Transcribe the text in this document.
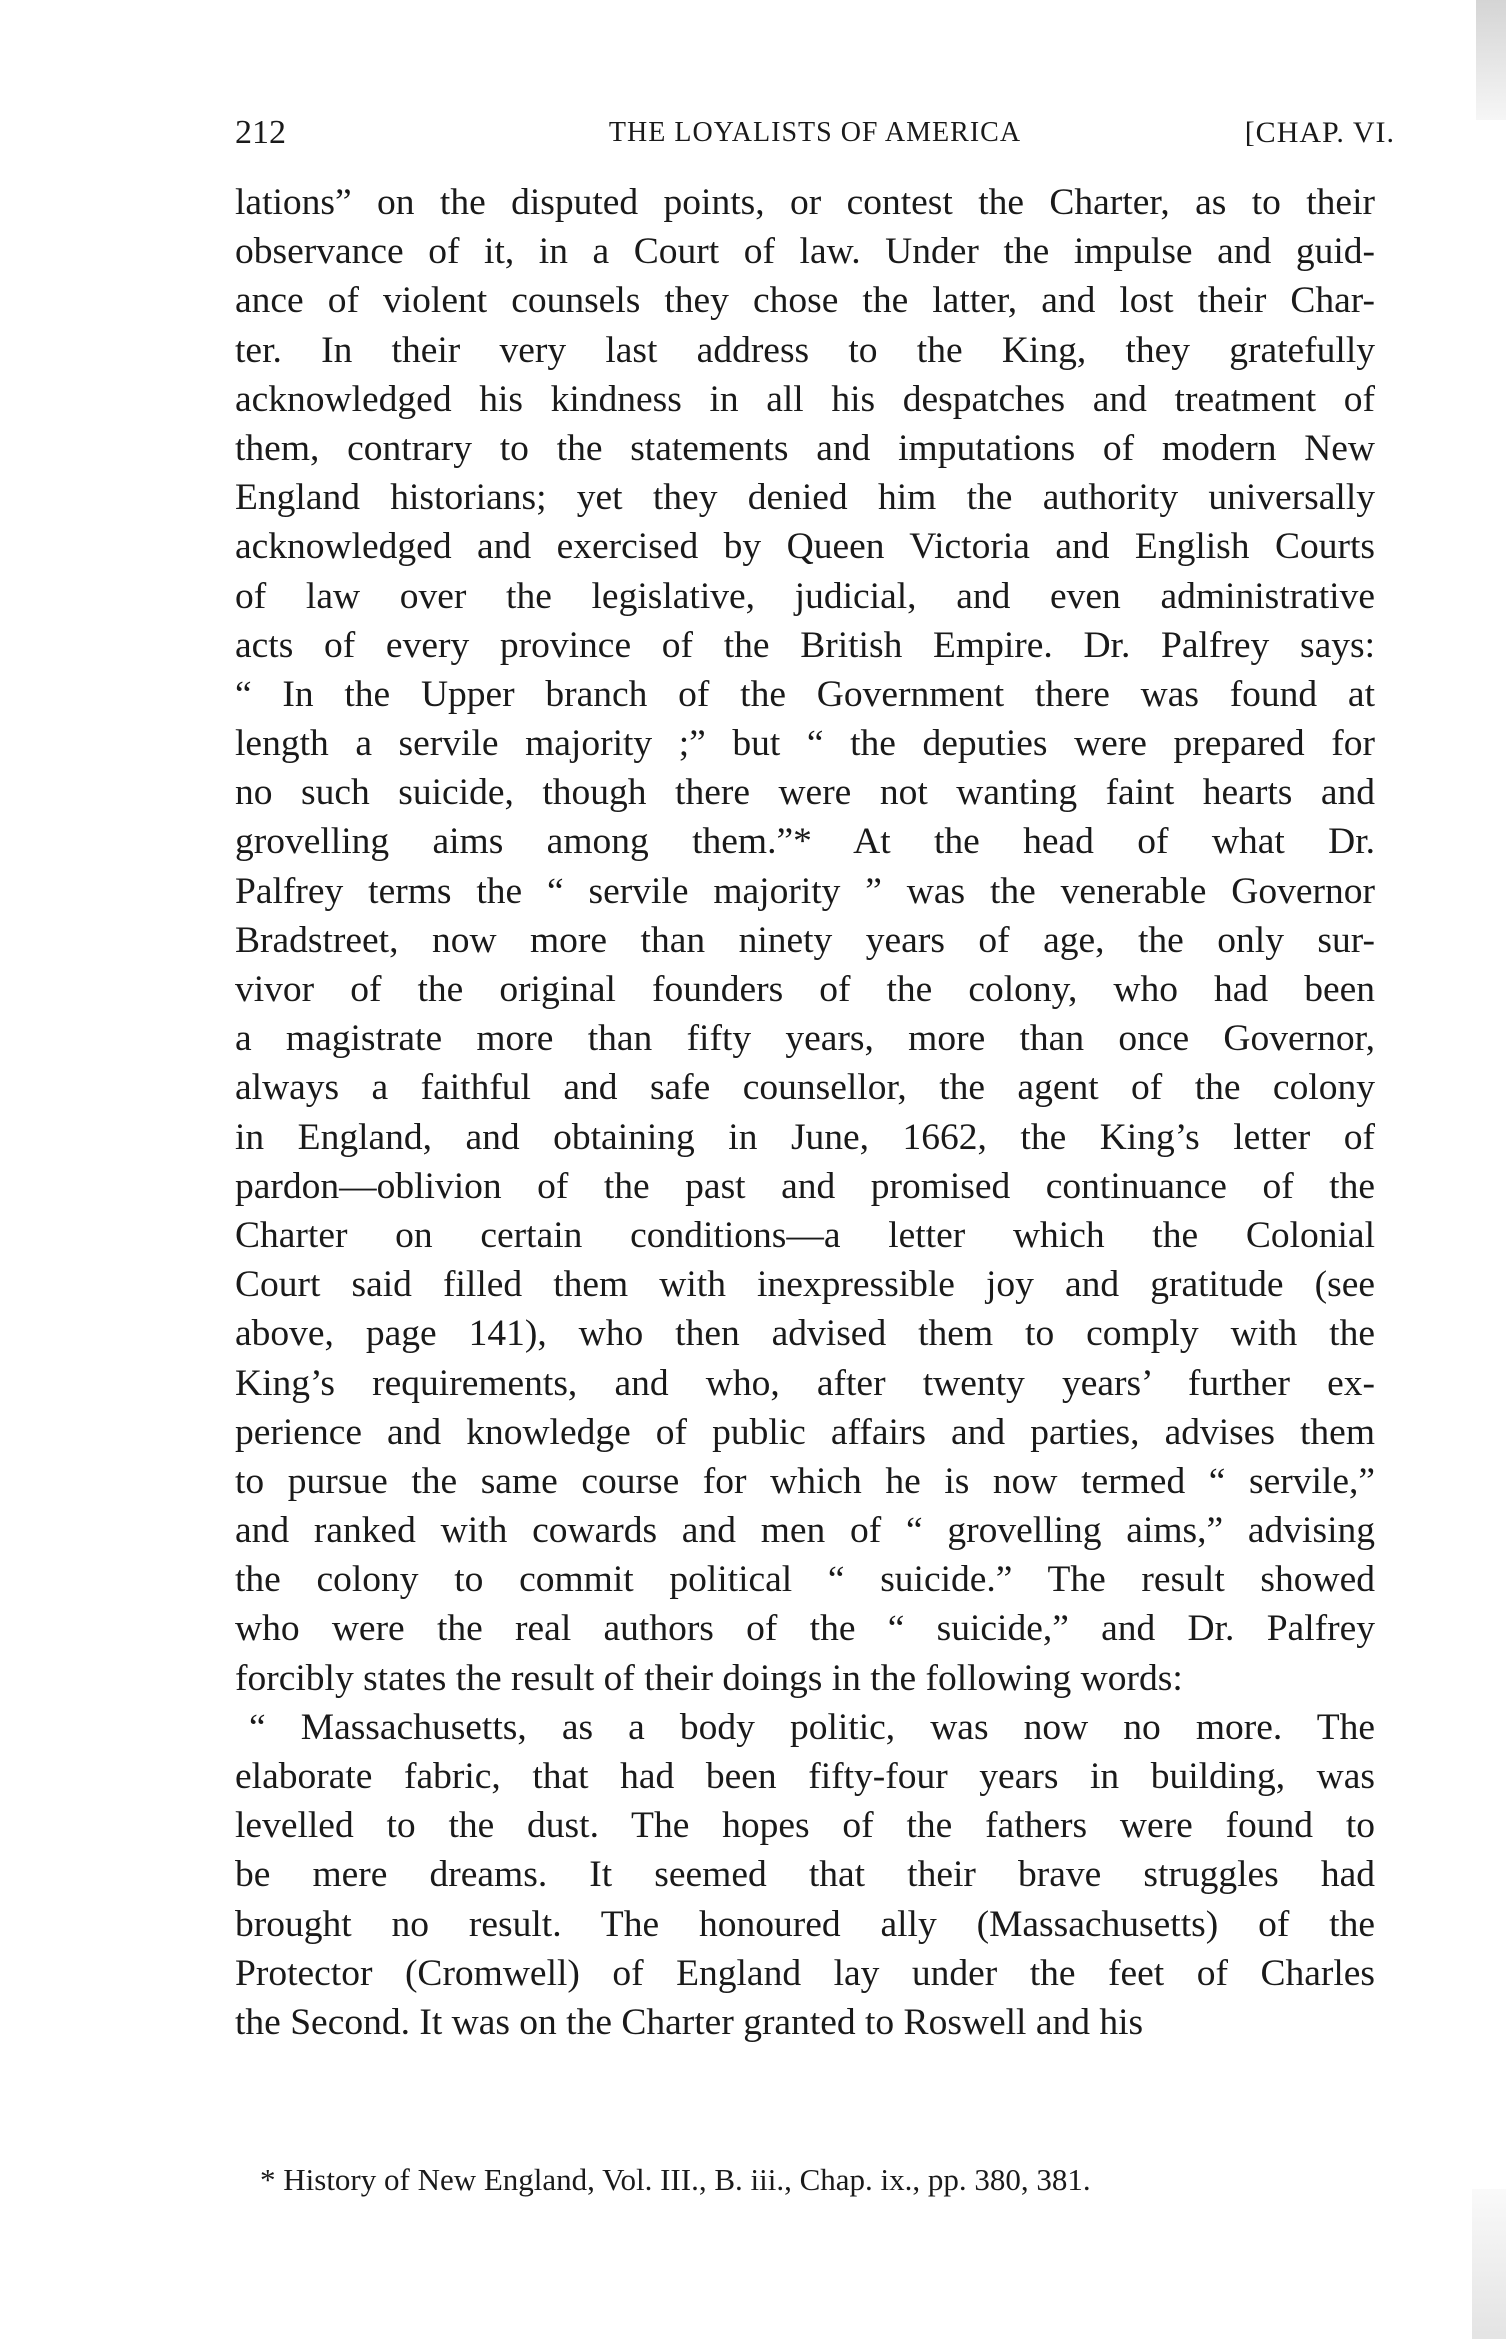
212	THE LOYALISTS OF AMERICA	[CHAP. VI.
lations” on the disputed points, or contest the Charter, as to their
observance of it, in a Court of law. Under the impulse and guid-
ance of violent counsels they chose the latter, and lost their Char-
ter. In their very last address to the King, they gratefully
acknowledged his kindness in all his despatches and treatment of
them, contrary to the statements and imputations of modern New
England historians; yet they denied him the authority universally
acknowledged and exercised by Queen Victoria and English Courts
of law over the legislative, judicial, and even administrative
acts of every province of the British Empire. Dr. Palfrey says:
“ In the Upper branch of the Government there was found at
length a servile majority ;” but “ the deputies were prepared for
no such suicide, though there were not wanting faint hearts and
grovelling aims among them.”* At the head of what Dr.
Palfrey terms the “ servile majority ” was the venerable Governor
Bradstreet, now more than ninety years of age, the only sur-
vivor of the original founders of the colony, who had been
a magistrate more than fifty years, more than once Governor,
always a faithful and safe counsellor, the agent of the colony
in England, and obtaining in June, 1662, the King’s letter of
pardon—oblivion of the past and promised continuance of the
Charter on certain conditions—a letter which the Colonial
Court said filled them with inexpressible joy and gratitude (see
above, page 141), who then advised them to comply with the
King’s requirements, and who, after twenty years’ further ex-
perience and knowledge of public affairs and parties, advises them
to pursue the same course for which he is now termed “ servile,”
and ranked with cowards and men of “ grovelling aims,” advising
the colony to commit political “ suicide.” The result showed
who were the real authors of the “ suicide,” and Dr. Palfrey
forcibly states the result of their doings in the following words:
“ Massachusetts, as a body politic, was now no more. The
elaborate fabric, that had been fifty-four years in building, was
levelled to the dust. The hopes of the fathers were found to
be mere dreams. It seemed that their brave struggles had
brought no result. The honoured ally (Massachusetts) of the
Protector (Cromwell) of England lay under the feet of Charles
the Second. It was on the Charter granted to Roswell and his
* History of New England, Vol. III., B. iii., Chap. ix., pp. 380, 381.
